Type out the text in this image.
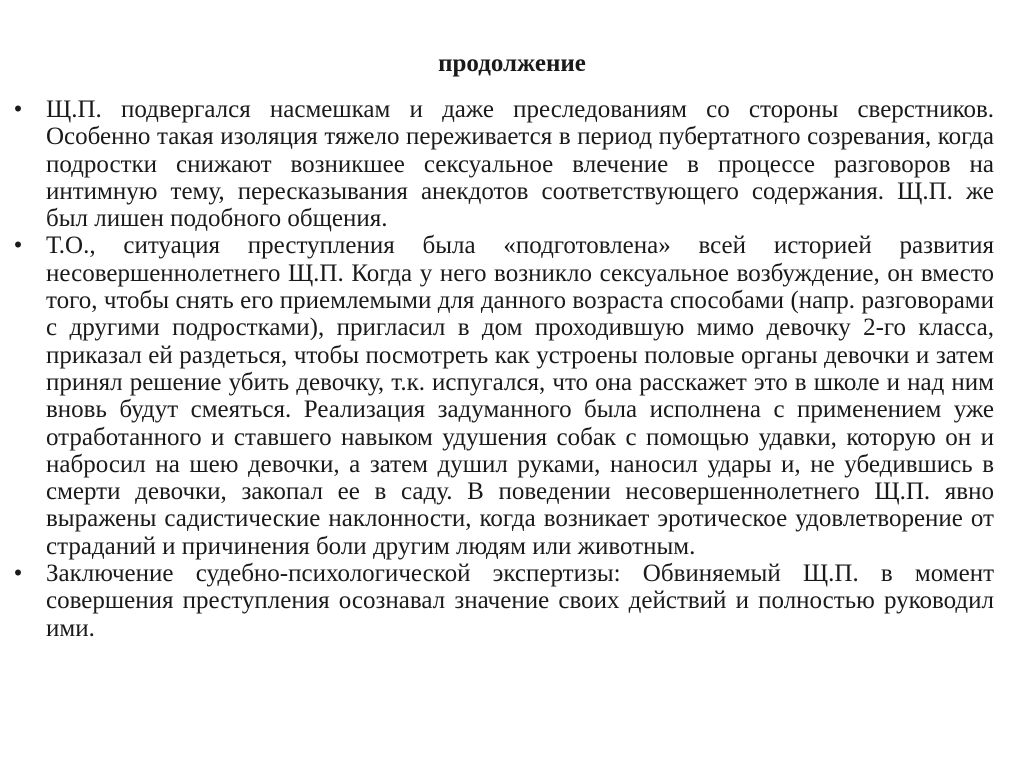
продолжение
• Щ.П. подвергался насмешкам и даже преследованиям со стороны сверстников. Особенно такая изоляция тяжело переживается в период пубертатного созревания, когда подростки снижают возникшее сексуальное влечение в процессе разговоров на интимную тему, пересказывания анекдотов соответствующего содержания. Щ.П. же был лишен подобного общения.
• Т.О., ситуация преступления была «подготовлена» всей историей развития несовершеннолетнего Щ.П. Когда у него возникло сексуальное возбуждение, он вместо того, чтобы снять его приемлемыми для данного возраста способами (напр. разговорами с другими подростками), пригласил в дом проходившую мимо девочку 2-го класса, приказал ей раздеться, чтобы посмотреть как устроены половые органы девочки и затем принял решение убить девочку, т.к. испугался, что она расскажет это в школе и над ним вновь будут смеяться. Реализация задуманного была исполнена с применением уже отработанного и ставшего навыком удушения собак с помощью удавки, которую он и набросил на шею девочки, а затем душил руками, наносил удары и, не убедившись в смерти девочки, закопал ее в саду. В поведении несовершеннолетнего Щ.П. явно выражены садистические наклонности, когда возникает эротическое удовлетворение от страданий и причинения боли другим людям или животным.
• Заключение судебно-психологической экспертизы: Обвиняемый Щ.П. в момент совершения преступления осознавал значение своих действий и полностью руководил ими.
